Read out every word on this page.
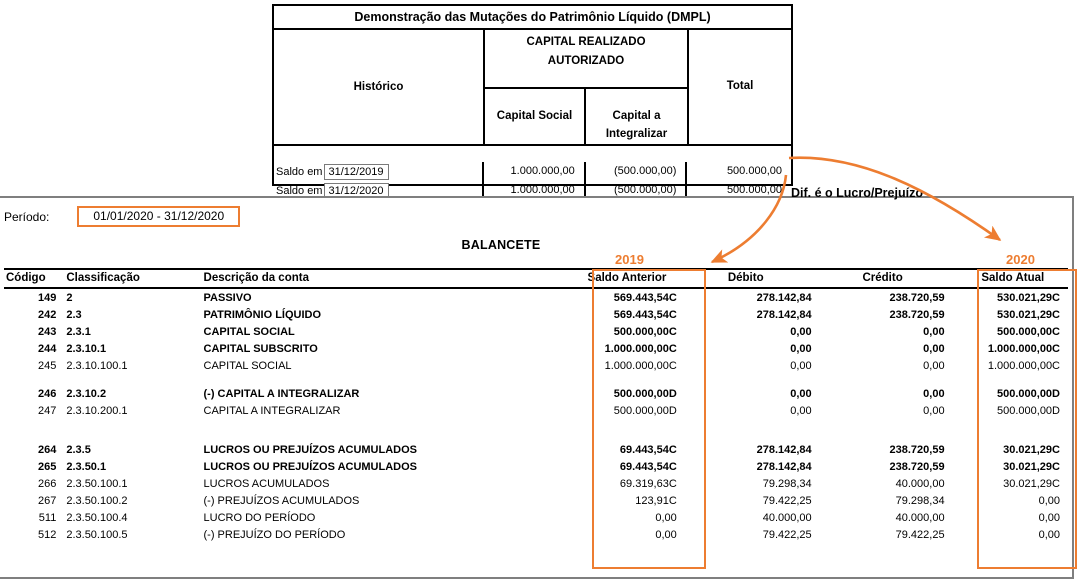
Demonstração das Mutações do Patrimônio Líquido (DMPL)
Histórico
CAPITAL REALIZADO
AUTORIZADO
Capital Social	Capital a
Integralizar
Total
Saldo em 31/12/2019	1.000.000,00	(500.000,00)	500.000,00
Saldo em 31/12/2020	1.000.000,00	(500.000,00)	500.000,00
Período:	01/01/2020 - 31/12/2020
BALANCETE
Código	Classificação	Descrição da conta	Saldo Anterior	Débito	Crédito	Saldo Atual
149	2	PASSIVO	569.443,54C	278.142,84	238.720,59	530.021,29C
242	2.3	PATRIMÔNIO LÍQUIDO	569.443,54C	278.142,84	238.720,59	530.021,29C
243	2.3.1	CAPITAL SOCIAL	500.000,00C	0,00	0,00	500.000,00C
244	2.3.10.1	CAPITAL SUBSCRITO	1.000.000,00C	0,00	0,00	1.000.000,00C
245	2.3.10.100.1	CAPITAL SOCIAL	1.000.000,00C	0,00	0,00	1.000.000,00C

246	2.3.10.2	(-) CAPITAL A INTEGRALIZAR	500.000,00D	0,00	0,00	500.000,00D
247	2.3.10.200.1	CAPITAL A INTEGRALIZAR	500.000,00D	0,00	0,00	500.000,00D

264	2.3.5	LUCROS OU PREJUÍZOS ACUMULADOS	69.443,54C	278.142,84	238.720,59	30.021,29C
265	2.3.50.1	LUCROS OU PREJUÍZOS ACUMULADOS	69.443,54C	278.142,84	238.720,59	30.021,29C
266	2.3.50.100.1	LUCROS ACUMULADOS	69.319,63C	79.298,34	40.000,00	30.021,29C
267	2.3.50.100.2	(-) PREJUÍZOS ACUMULADOS	123,91C	79.422,25	79.298,34	0,00
511	2.3.50.100.4	LUCRO DO PERÍODO	0,00	40.000,00	40.000,00	0,00
512	2.3.50.100.5	(-) PREJUÍZO DO PERÍODO	0,00	79.422,25	79.422,25	0,00
2019	2020
Dif. é o Lucro/Prejuízo
